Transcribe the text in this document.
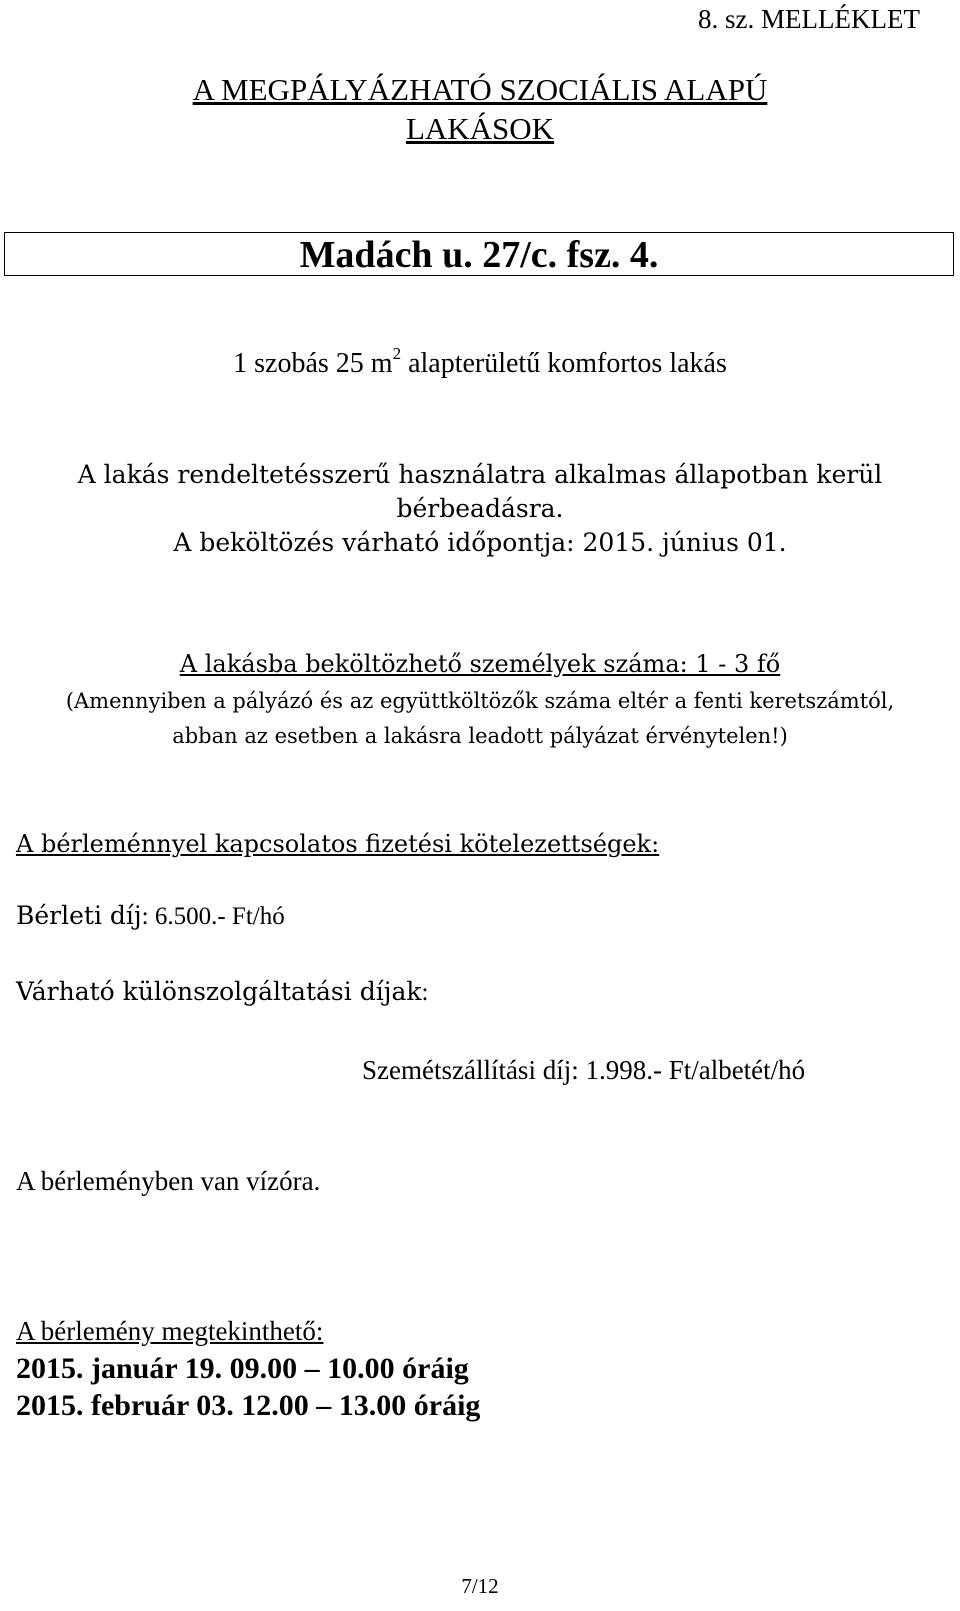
8. sz. MELLÉKLET
A MEGPÁLYÁZHATÓ SZOCIÁLIS ALAPÚ
LAKÁSOK
Madách u. 27/c. fsz. 4.
1 szobás 25 $m^2$ alapterületű komfortos lakás
A lakás rendeltetésszerű használatra alkalmas állapotban kerül
bérbeadásra.
A beköltözés várható időpontja: 2015. június 01.
A lakásba beköltözhető személyek száma: 1 - 3 fő
(Amennyiben a pályázó és az együttköltözők száma eltér a fenti keretszámtól,
abban az esetben a lakásra leadott pályázat érvénytelen!)
A bérleménnyel kapcsolatos fizetési kötelezettségek:
Bérleti díj: 6.500.- Ft/hó
Várható különszolgáltatási díjak:
Szemétszállítási díj: 1.998.- Ft/albetét/hó
A bérleményben van vízóra.
A bérlemény megtekinthető:
2015. január 19. 09.00 – 10.00 óráig
2015. február 03. 12.00 – 13.00 óráig
7/12
